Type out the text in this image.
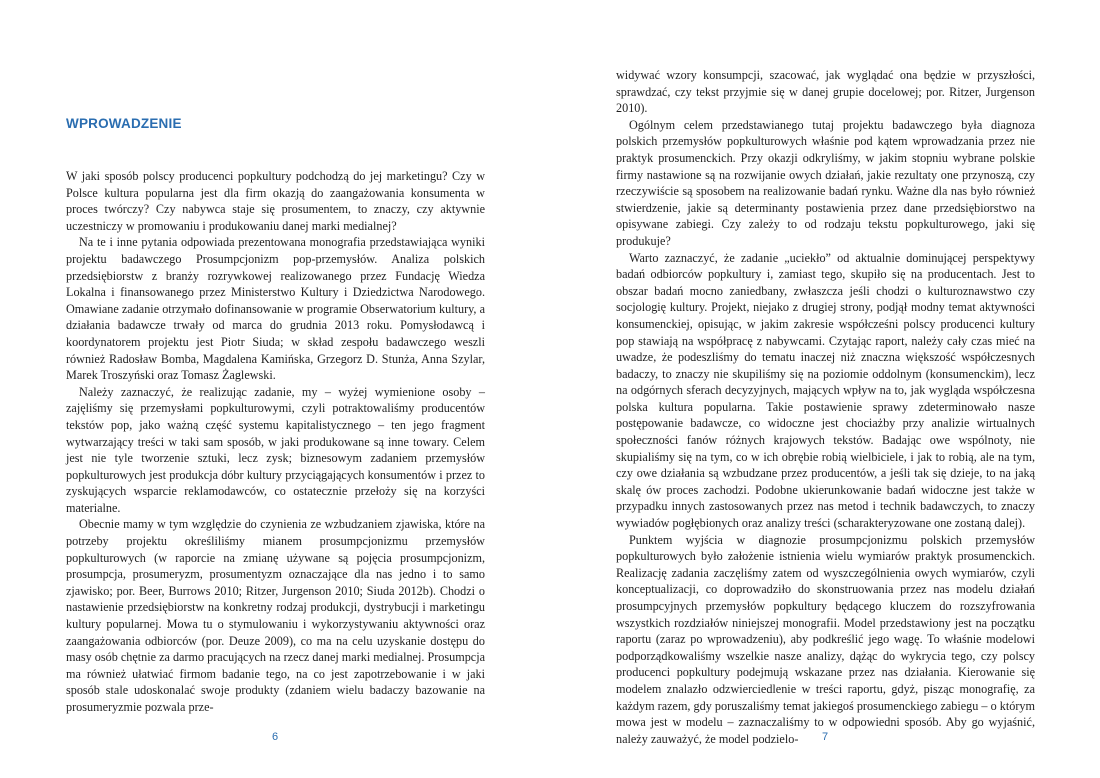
WPROWADZENIE

W jaki sposób polscy producenci popkultury podchodzą do jej marketingu? Czy w Polsce kultura popularna jest dla firm okazją do zaangażowania konsumenta w proces twórczy? Czy nabywca staje się prosumentem, to znaczy, czy aktywnie uczestniczy w promowaniu i produkowaniu danej marki medialnej?

Na te i inne pytania odpowiada prezentowana monografia przedstawiająca wyniki projektu badawczego Prosumpcjonizm pop-przemysłów. Analiza polskich przedsiębiorstw z branży rozrywkowej realizowanego przez Fundację Wiedza Lokalna i finansowanego przez Ministerstwo Kultury i Dziedzictwa Narodowego. Omawiane zadanie otrzymało dofinansowanie w programie Obserwatorium kultury, a działania badawcze trwały od marca do grudnia 2013 roku. Pomysłodawcą i koordynatorem projektu jest Piotr Siuda; w skład zespołu badawczego weszli również Radosław Bomba, Magdalena Kamińska, Grzegorz D. Stunża, Anna Szylar, Marek Troszyński oraz Tomasz Żaglewski.

Należy zaznaczyć, że realizując zadanie, my – wyżej wymienione osoby – zajęliśmy się przemysłami popkulturowymi, czyli potraktowaliśmy producentów tekstów pop, jako ważną część systemu kapitalistycznego – ten jego fragment wytwarzający treści w taki sam sposób, w jaki produkowane są inne towary. Celem jest nie tyle tworzenie sztuki, lecz zysk; biznesowym zadaniem przemysłów popkulturowych jest produkcja dóbr kultury przyciągających konsumentów i przez to zyskujących wsparcie reklamodawców, co ostatecznie przełoży się na korzyści materialne.

Obecnie mamy w tym względzie do czynienia ze wzbudzaniem zjawiska, które na potrzeby projektu określiliśmy mianem prosumpcjonizmu przemysłów popkulturowych (w raporcie na zmianę używane są pojęcia prosumpcjonizm, prosumpcja, prosumeryzm, prosumentyzm oznaczające dla nas jedno i to samo zjawisko; por. Beer, Burrows 2010; Ritzer, Jurgenson 2010; Siuda 2012b). Chodzi o nastawienie przedsiębiorstw na konkretny rodzaj produkcji, dystrybucji i marketingu kultury popularnej. Mowa tu o stymulowaniu i wykorzystywaniu aktywności oraz zaangażowania odbiorców (por. Deuze 2009), co ma na celu uzyskanie dostępu do masy osób chętnie za darmo pracujących na rzecz danej marki medialnej. Prosumpcja ma również ułatwiać firmom badanie tego, na co jest zapotrzebowanie i w jaki sposób stale udoskonalać swoje produkty (zdaniem wielu badaczy bazowanie na prosumeryzmie pozwala prze-

6

widywać wzory konsumpcji, szacować, jak wyglądać ona będzie w przyszłości, sprawdzać, czy tekst przyjmie się w danej grupie docelowej; por. Ritzer, Jurgenson 2010).

Ogólnym celem przedstawianego tutaj projektu badawczego była diagnoza polskich przemysłów popkulturowych właśnie pod kątem wprowadzania przez nie praktyk prosumenckich. Przy okazji odkryliśmy, w jakim stopniu wybrane polskie firmy nastawione są na rozwijanie owych działań, jakie rezultaty one przynoszą, czy rzeczywiście są sposobem na realizowanie badań rynku. Ważne dla nas było również stwierdzenie, jakie są determinanty postawienia przez dane przedsiębiorstwo na opisywane zabiegi. Czy zależy to od rodzaju tekstu popkulturowego, jaki się produkuje?

Warto zaznaczyć, że zadanie „uciekło” od aktualnie dominującej perspektywy badań odbiorców popkultury i, zamiast tego, skupiło się na producentach. Jest to obszar badań mocno zaniedbany, zwłaszcza jeśli chodzi o kulturoznawstwo czy socjologię kultury. Projekt, niejako z drugiej strony, podjął modny temat aktywności konsumenckiej, opisując, w jakim zakresie współcześni polscy producenci kultury pop stawiają na współpracę z nabywcami. Czytając raport, należy cały czas mieć na uwadze, że podeszliśmy do tematu inaczej niż znaczna większość współczesnych badaczy, to znaczy nie skupiliśmy się na poziomie oddolnym (konsumenckim), lecz na odgórnych sferach decyzyjnych, mających wpływ na to, jak wygląda współczesna polska kultura popularna. Takie postawienie sprawy zdeterminowało nasze postępowanie badawcze, co widoczne jest chociażby przy analizie wirtualnych społeczności fanów różnych krajowych tekstów. Badając owe wspólnoty, nie skupialiśmy się na tym, co w ich obrębie robią wielbiciele, i jak to robią, ale na tym, czy owe działania są wzbudzane przez producentów, a jeśli tak się dzieje, to na jaką skalę ów proces zachodzi. Podobne ukierunkowanie badań widoczne jest także w przypadku innych zastosowanych przez nas metod i technik badawczych, to znaczy wywiadów pogłębionych oraz analizy treści (scharakteryzowane one zostaną dalej).

Punktem wyjścia w diagnozie prosumpcjonizmu polskich przemysłów popkulturowych było założenie istnienia wielu wymiarów praktyk prosumenckich. Realizację zadania zaczęliśmy zatem od wyszczególnienia owych wymiarów, czyli konceptualizacji, co doprowadziło do skonstruowania przez nas modelu działań prosumpcyjnych przemysłów popkultury będącego kluczem do rozszyfrowania wszystkich rozdziałów niniejszej monografii. Model przedstawiony jest na początku raportu (zaraz po wprowadzeniu), aby podkreślić jego wagę. To właśnie modelowi podporządkowaliśmy wszelkie nasze analizy, dążąc do wykrycia tego, czy polscy producenci popkultury podejmują wskazane przez nas działania. Kierowanie się modelem znalazło odzwierciedlenie w treści raportu, gdyż, pisząc monografię, za każdym razem, gdy poruszaliśmy temat jakiegoś prosumenckiego zabiegu – o którym mowa jest w modelu – zaznaczaliśmy to w odpowiedni sposób. Aby go wyjaśnić, należy zauważyć, że model podzielo-	7
